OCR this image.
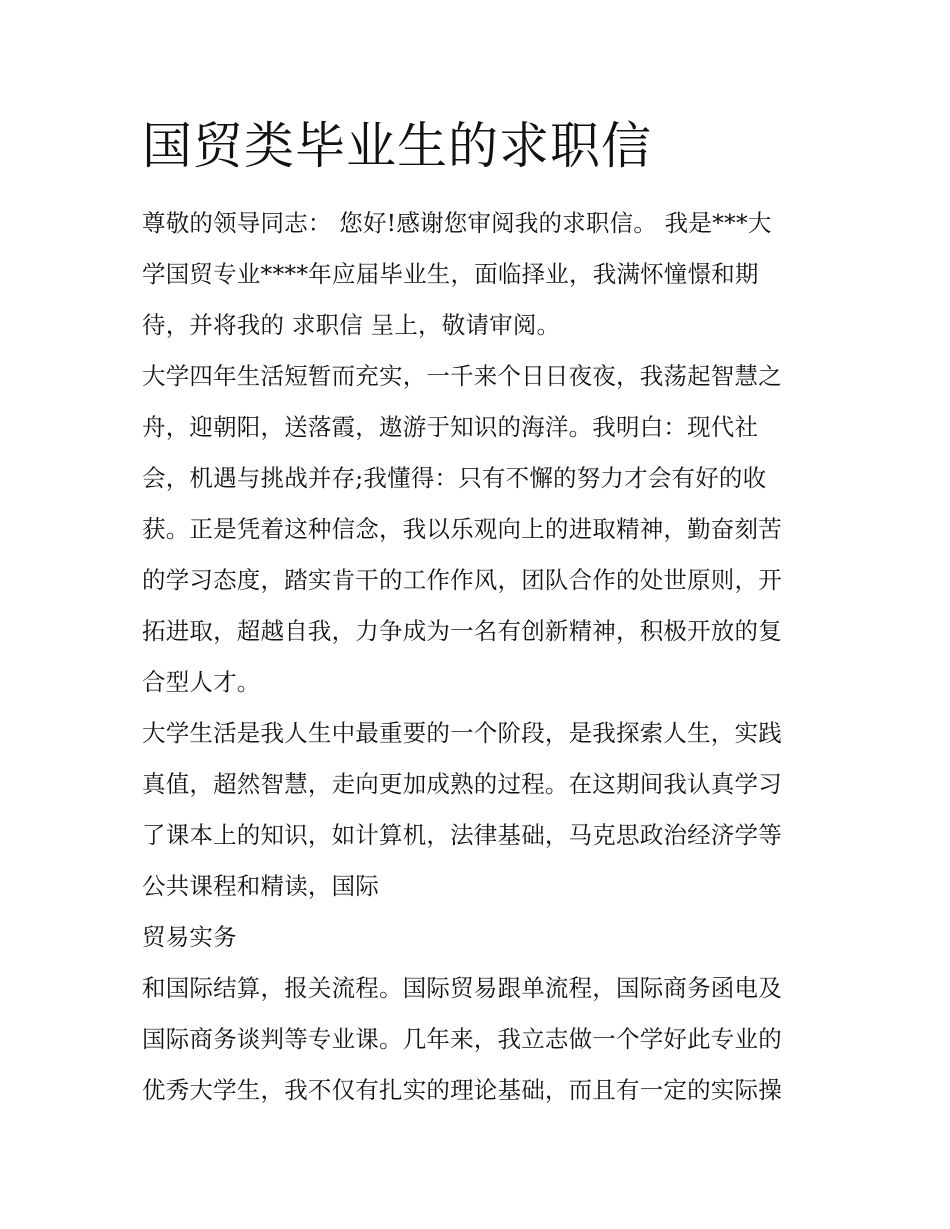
国贸类毕业生的求职信

尊敬的领导同志： 您好!感谢您审阅我的求职信。 我是***大

学国贸专业****年应届毕业生，面临择业，我满怀憧憬和期

待，并将我的 求职信 呈上，敬请审阅。

大学四年生活短暂而充实，一千来个日日夜夜，我荡起智慧之

舟，迎朝阳，送落霞，遨游于知识的海洋。我明白：现代社

会，机遇与挑战并存;我懂得：只有不懈的努力才会有好的收

获。正是凭着这种信念，我以乐观向上的进取精神，勤奋刻苦

的学习态度，踏实肯干的工作作风，团队合作的处世原则，开

拓进取，超越自我，力争成为一名有创新精神，积极开放的复

合型人才。

大学生活是我人生中最重要的一个阶段，是我探索人生，实践

真值，超然智慧，走向更加成熟的过程。在这期间我认真学习

了课本上的知识，如计算机，法律基础，马克思政治经济学等

公共课程和精读，国际

贸易实务

和国际结算，报关流程。国际贸易跟单流程，国际商务函电及

国际商务谈判等专业课。几年来，我立志做一个学好此专业的

优秀大学生，我不仅有扎实的理论基础，而且有一定的实际操
